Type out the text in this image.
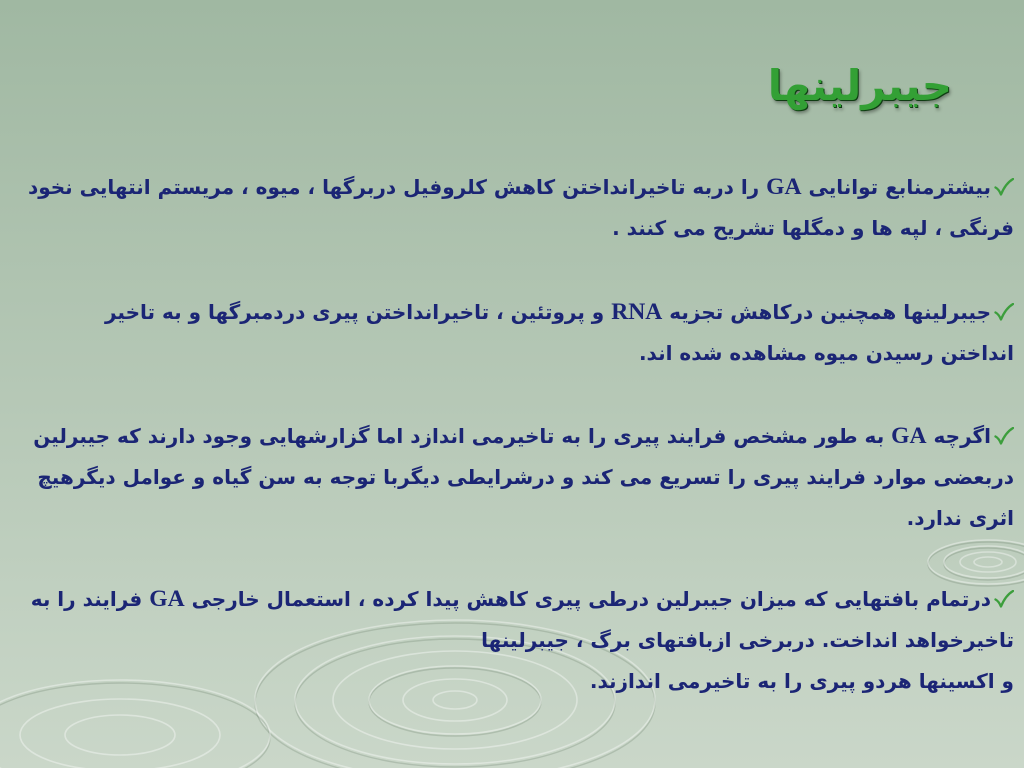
جیبرلینها
بیشترمنابع توانایی GA را دربه تاخیرانداختن کاهش کلروفیل دربرگها ، میوه ، مریستم انتهایی نخود
فرنگی ، لپه ها و دمگلها تشریح می کنند .
جیبرلینها همچنین درکاهش تجزیه RNA و پروتئین ، تاخیرانداختن پیری دردمبرگها و به تاخیر
انداختن رسیدن میوه مشاهده شده اند.
اگرچه GA به طور مشخص فرایند پیری را به تاخیرمی اندازد اما گزارشهایی وجود دارند که جیبرلین
دربعضی موارد فرایند پیری را تسریع می کند و درشرایطی دیگربا توجه به سن گیاه و عوامل دیگرهیچ
اثری ندارد.
درتمام بافتهایی که میزان جیبرلین درطی پیری کاهش پیدا کرده ، استعمال خارجی GA فرایند را به
تاخیرخواهد انداخت. دربرخی ازبافتهای برگ ، جیبرلینها
و اکسینها هردو پیری را به تاخیرمی اندازند.
